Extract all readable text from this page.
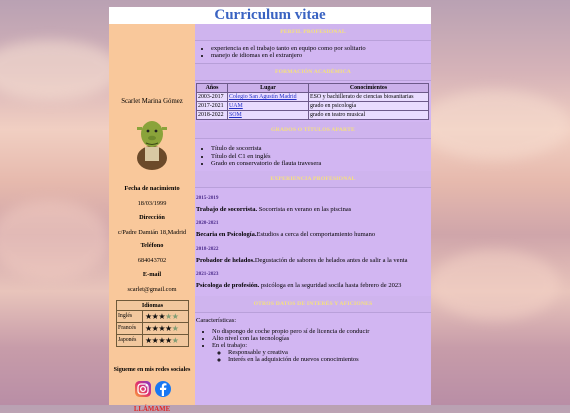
Curriculum vitae
Scarlet Marina Gómez
Fecha de nacimiento
18/03/1999
Dirección
c/Padre Damián 18,Madrid
Teléfono
684043702
E-mail
scarlet@gmail.com
Idiomas
Inglés	★★★★★
Francés	★★★★★
Japonés	★★★★★
Sigueme en mis redes sociales
LLÁMAME
PERFIL PROFESIONAL
• experiencia en el trabajo tanto en equipo como por solitario
• manejo de idiomas en el extranjero
FORMACIÓN ACADÉMICA
Años	Lugar	Conocimientos
2003-2017	Colegio San Agustín Madrid	ESO y bachillerato de ciencias biosanitarias
2017-2021	UAM	grado en psicología
2018-2022	SOM	grado en teatro musical
GRADOS O TÍTULOS APARTE
• Título de socorrista
• Título del C1 en inglés
• Grado en conservatorio de flauta travesera
EXPERIENCIA PROFESIONAL
2015-2019
Trabajo de socorrista. Socorrista en verano en las piscinas
2020-2021
Becaria en Psicología.Estudios a cerca del comportamiento humano
2018-2022
Probador de helados.Degustación de sabores de helados antes de salir a la venta
2021-2023
Psicologa de profesión. psicóloga en la seguridad socila hasta febrero de 2023
OTROS DATOS DE INTERÉS Y AFICIONES
Características:
• No dispongo de coche propio pero sí de licencia de conducir
• Alto nivel con las tecnologías
• En el trabajo:
◦ Responsable y creativa
◦ Interés en la adquisición de nuevos conocimientos
